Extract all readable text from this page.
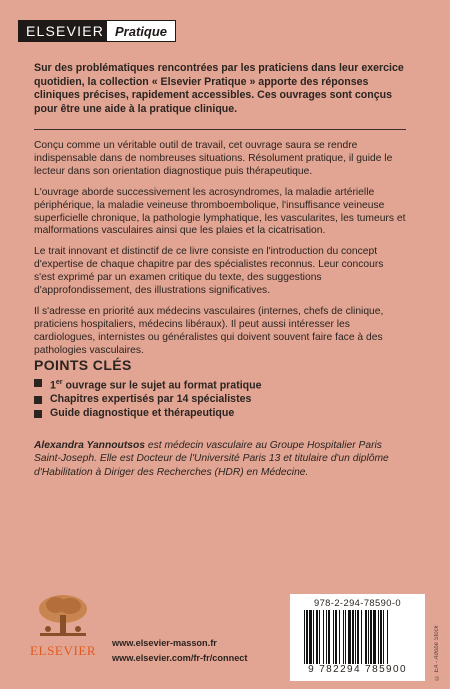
ELSEVIER Pratique
Sur des problématiques rencontrées par les praticiens dans leur exercice quotidien, la collection « Elsevier Pratique » apporte des réponses cliniques précises, rapidement accessibles. Ces ouvrages sont conçus pour être une aide à la pratique clinique.

Conçu comme un véritable outil de travail, cet ouvrage saura se rendre indispensable dans de nombreuses situations. Résolument pratique, il guide le lecteur dans son orientation diagnostique puis thérapeutique.

L'ouvrage aborde successivement les acrosyndromes, la maladie artérielle périphérique, la maladie veineuse thromboembolique, l'insuffisance veineuse superficielle chronique, la pathologie lymphatique, les vascularites, les tumeurs et malformations vasculaires ainsi que les plaies et la cicatrisation.

Le trait innovant et distinctif de ce livre consiste en l'introduction du concept d'expertise de chaque chapitre par des spécialistes reconnus. Leur concours s'est exprimé par un examen critique du texte, des suggestions d'approfondissement, des illustrations significatives.

Il s'adresse en priorité aux médecins vasculaires (internes, chefs de clinique, praticiens hospitaliers, médecins libéraux). Il peut aussi intéresser les cardiologues, internistes ou généralistes qui doivent souvent faire face à des pathologies vasculaires.

POINTS CLÉS
1er ouvrage sur le sujet au format pratique
Chapitres expertisés par 14 spécialistes
Guide diagnostique et thérapeutique
Alexandra Yannoutsos est médecin vasculaire au Groupe Hospitalier Paris Saint-Joseph. Elle est Docteur de l'Université Paris 13 et titulaire d'un diplôme d'Habilitation à Diriger des Recherches (HDR) en Médecine.
ELSEVIER www.elsevier-masson.fr
www.elsevier.com/fr-fr/connect
978-2-294-78590-0
9 782294 785900	© EA - Adobe Stock
